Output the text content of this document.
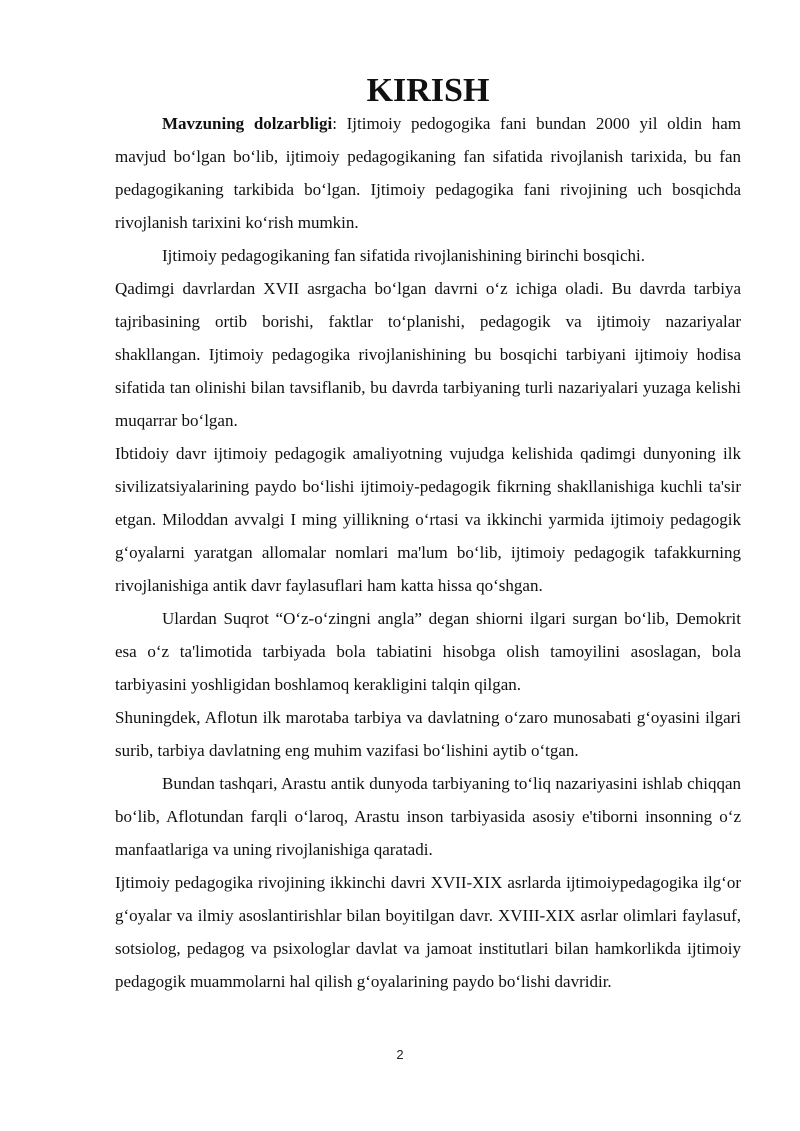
KIRISH

Mavzuning dolzarbligi: Ijtimoiy pedogogika fani bundan 2000 yil oldin ham mavjud bo‘lgan bo‘lib, ijtimoiy pedagogikaning fan sifatida rivojlanish tarixida, bu fan pedagogikaning tarkibida bo‘lgan. Ijtimoiy pedagogika fani rivojining uch bosqichda rivojlanish tarixini ko‘rish mumkin.

Ijtimoiy pedagogikaning fan sifatida rivojlanishining birinchi bosqichi.

Qadimgi davrlardan XVII asrgacha bo‘lgan davrni o‘z ichiga oladi. Bu davrda tarbiya tajribasining ortib borishi, faktlar to‘planishi, pedagogik va ijtimoiy nazariyalar shakllangan. Ijtimoiy pedagogika rivojlanishining bu bosqichi tarbiyani ijtimoiy hodisa sifatida tan olinishi bilan tavsiflanib, bu davrda tarbiyaning turli nazariyalari yuzaga kelishi muqarrar bo‘lgan.

Ibtidoiy davr ijtimoiy pedagogik amaliyotning vujudga kelishida qadimgi dunyoning ilk sivilizatsiyalarining paydo bo‘lishi ijtimoiy-pedagogik fikrning shakllanishiga kuchli ta'sir etgan. Miloddan avvalgi I ming yillikning o‘rtasi va ikkinchi yarmida ijtimoiy pedagogik g‘oyalarni yaratgan allomalar nomlari ma'lum bo‘lib, ijtimoiy pedagogik tafakkurning rivojlanishiga antik davr faylasuflari ham katta hissa qo‘shgan.

Ulardan Suqrot “O‘z-o‘zingni angla” degan shiorni ilgari surgan bo‘lib, Demokrit esa o‘z ta'limotida tarbiyada bola tabiatini hisobga olish tamoyilini asoslagan, bola tarbiyasini yoshligidan boshlamoq kerakligini talqin qilgan.

Shuningdek, Aflotun ilk marotaba tarbiya va davlatning o‘zaro munosabati g‘oyasini ilgari surib, tarbiya davlatning eng muhim vazifasi bo‘lishini aytib o‘tgan.

Bundan tashqari, Arastu antik dunyoda tarbiyaning to‘liq nazariyasini ishlab chiqqan bo‘lib, Aflotundan farqli o‘laroq, Arastu inson tarbiyasida asosiy e'tiborni insonning o‘z manfaatlariga va uning rivojlanishiga qaratadi.

Ijtimoiy pedagogika rivojining ikkinchi davri XVII-XIX asrlarda ijtimoiypedagogika ilg‘or g‘oyalar va ilmiy asoslantirishlar bilan boyitilgan davr. XVIII-XIX asrlar olimlari faylasuf, sotsiolog, pedagog va psixologlar davlat va jamoat institutlari bilan hamkorlikda ijtimoiy pedagogik muammolarni hal qilish g‘oyalarining paydo bo‘lishi davridir.

2
